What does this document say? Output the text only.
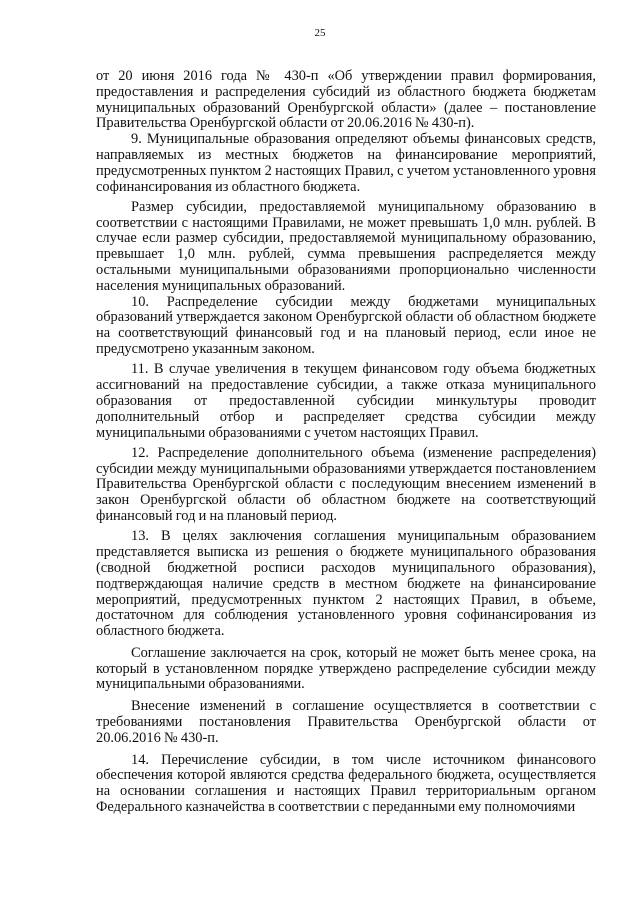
25

от 20 июня 2016 года № 430-п «Об утверждении правил формирования, предоставления и распределения субсидий из областного бюджета бюджетам муниципальных образований Оренбургской области» (далее – постановление Правительства Оренбургской области от 20.06.2016 № 430-п).

9. Муниципальные образования определяют объемы финансовых средств, направляемых из местных бюджетов на финансирование мероприятий, предусмотренных пунктом 2 настоящих Правил, с учетом установленного уровня софинансирования из областного бюджета.

Размер субсидии, предоставляемой муниципальному образованию в соответствии с настоящими Правилами, не может превышать 1,0 млн. рублей. В случае если размер субсидии, предоставляемой муниципальному образованию, превышает 1,0 млн. рублей, сумма превышения распределяется между остальными муниципальными образованиями пропорционально численности населения муниципальных образований.

10. Распределение субсидии между бюджетами муниципальных образований утверждается законом Оренбургской области об областном бюджете на соответствующий финансовый год и на плановый период, если иное не предусмотрено указанным законом.

11. В случае увеличения в текущем финансовом году объема бюджетных ассигнований на предоставление субсидии, а также отказа муниципального образования от предоставленной субсидии минкультуры проводит дополнительный отбор и распределяет средства субсидии между муниципальными образованиями с учетом настоящих Правил.

12. Распределение дополнительного объема (изменение распределения) субсидии между муниципальными образованиями утверждается постановлением Правительства Оренбургской области с последующим внесением изменений в закон Оренбургской области об областном бюджете на соответствующий финансовый год и на плановый период.

13. В целях заключения соглашения муниципальным образованием представляется выписка из решения о бюджете муниципального образования (сводной бюджетной росписи расходов муниципального образования), подтверждающая наличие средств в местном бюджете на финансирование мероприятий, предусмотренных пунктом 2 настоящих Правил, в объеме, достаточном для соблюдения установленного уровня софинансирования из областного бюджета.

Соглашение заключается на срок, который не может быть менее срока, на который в установленном порядке утверждено распределение субсидии между муниципальными образованиями.

Внесение изменений в соглашение осуществляется в соответствии с требованиями постановления Правительства Оренбургской области от 20.06.2016 № 430-п.

14. Перечисление субсидии, в том числе источником финансового обеспечения которой являются средства федерального бюджета, осуществляется на основании соглашения и настоящих Правил территориальным органом Федерального казначейства в соответствии с переданными ему полномочиями
